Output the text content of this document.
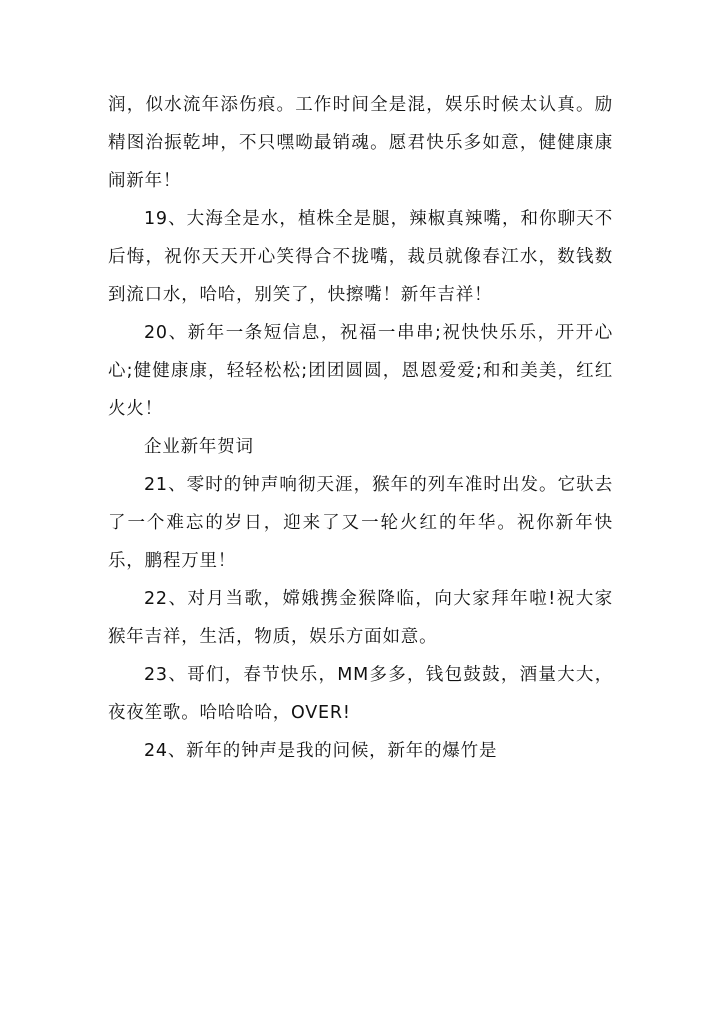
润，似水流年添伤痕。工作时间全是混，娱乐时候太认真。励精图治振乾坤，不只嘿呦最销魂。愿君快乐多如意，健健康康闹新年！

19、大海全是水，植株全是腿，辣椒真辣嘴，和你聊天不后悔，祝你天天开心笑得合不拢嘴，裁员就像春江水，数钱数到流口水，哈哈，别笑了，快擦嘴！新年吉祥！

20、新年一条短信息，祝福一串串;祝快快乐乐，开开心心;健健康康，轻轻松松;团团圆圆，恩恩爱爱;和和美美，红红火火！

企业新年贺词

21、零时的钟声响彻天涯，猴年的列车准时出发。它驮去了一个难忘的岁日，迎来了又一轮火红的年华。祝你新年快乐，鹏程万里！

22、对月当歌，嫦娥携金猴降临，向大家拜年啦!祝大家猴年吉祥，生活，物质，娱乐方面如意。

23、哥们，春节快乐，MM多多，钱包鼓鼓，酒量大大，夜夜笙歌。哈哈哈哈，OVER!

24、新年的钟声是我的问候，新年的爆竹是
